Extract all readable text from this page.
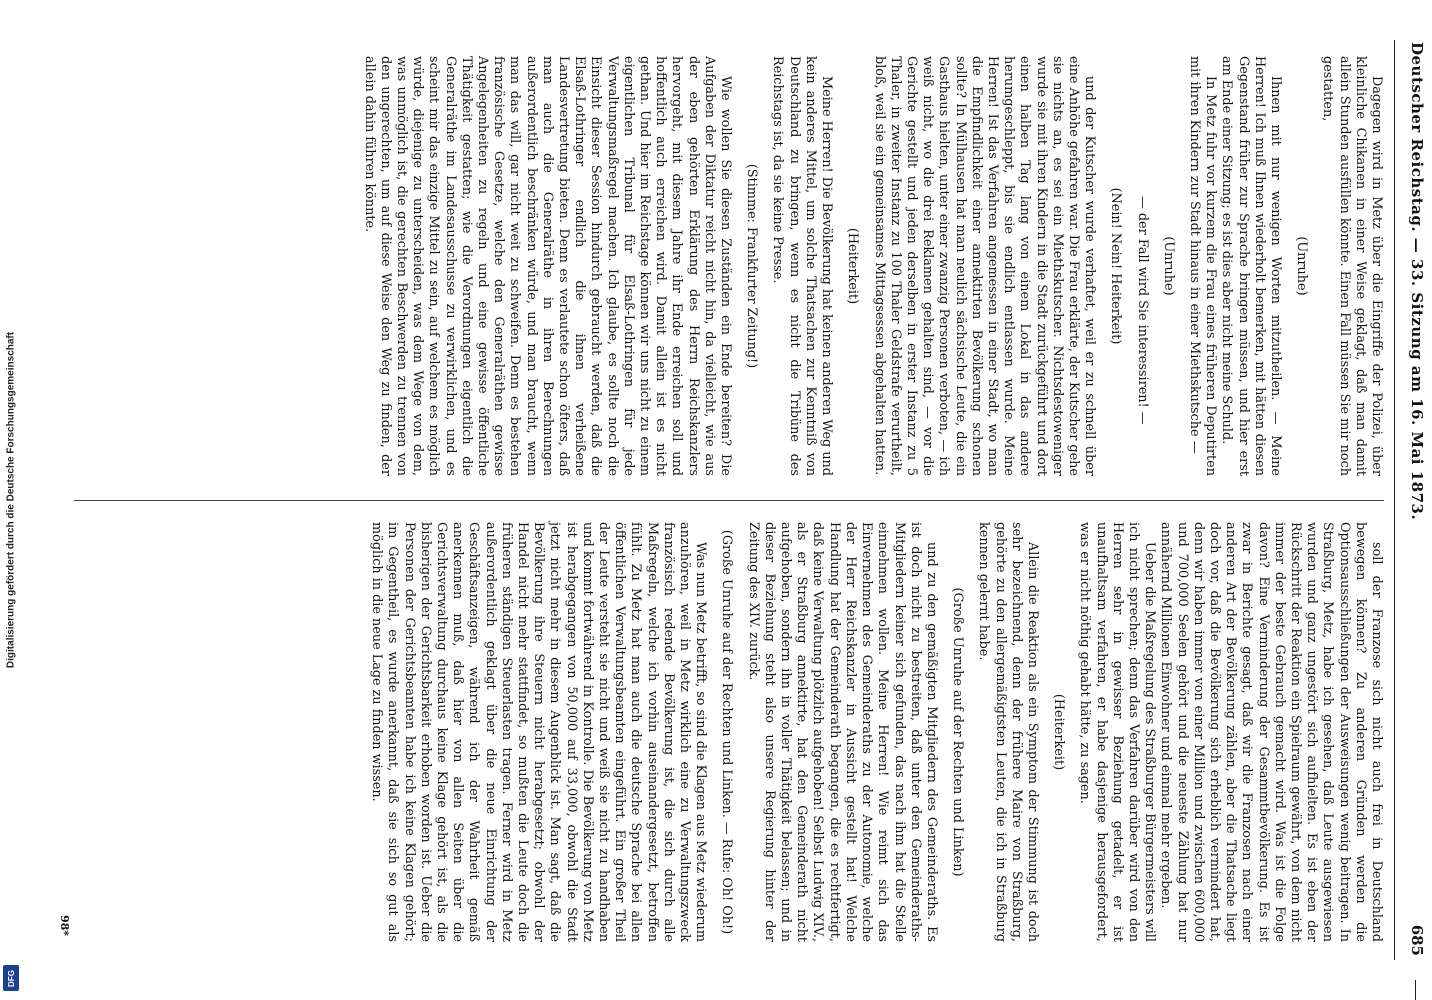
Digitalisierung gefördert durch die Deutsche Forschungsgemeinschaft
DFG
Deutscher Reichstag. — 33. Sitzung am 16. Mai 1873.
685

Dagegen wird in Metz über die Eingriffe der Polizei, über kleinliche Chikanen in einer Weise geklagt, daß man damit allein Stunden ausfüllen könnte. Einen Fall müssen Sie mir noch gestatten,

(Unruhe)

Ihnen mit nur wenigen Worten mitzutheilen. — Meine Herren! Ich muß Ihnen wiederholt bemerken, mit hätten diesen Gegenstand früher zur Sprache bringen müssen, und hier erst am Ende einer Sitzung; es ist dies aber nicht meine Schuld.

In Metz fuhr vor kurzem die Frau eines früheren Deputirten mit ihren Kindern zur Stadt hinaus in einer Miethskutsche —

(Unruhe)

— der Fall wird Sie interessiren! —

(Nein! Nein! Heiterkeit)

und der Kutscher wurde verhaftet, weil er zu schnell über eine Anhöhe gefahren war. Die Frau erklärte, der Kutscher gehe sie nichts an, es sei ein Miethskutscher. Nichtsdestoweniger wurde sie mit ihren Kindern in die Stadt zurückgeführt und dort einen halben Tag lang von einem Lokal in das andere herumgeschleppt, bis sie endlich entlassen wurde. Meine Herren! Ist das Verfahren angemessen in einer Stadt, wo man die Empfindlichkeit einer annektirten Bevölkerung schonen sollte? In Mülhausen hat man neulich sächsische Leute, die ein Gasthaus hielten, unter einer zwanzig Personen verboten, — ich weiß nicht, wo die drei Reklamen gehalten sind, — vor die Gerichte gestellt und jeden derselben in erster Instanz zu 5 Thaler, in zweiter Instanz zu 100 Thaler Geldstrafe verurtheilt, bloß, weil sie ein gemeinsames Mittagsessen abgehalten hatten.

(Heiterkeit)

Meine Herren! Die Bevölkerung hat keinen anderen Weg und kein anderes Mittel, um solche Thatsachen zur Kenntniß von Deutschland zu bringen, wenn es nicht die Tribüne des Reichstags ist, da sie keine Presse.

(Stimme: Frankfurter Zeitung!)

Wie wollen Sie diesen Zuständen ein Ende bereiten? Die Aufgaben der Diktatur reicht nicht hin, da vielleicht, wie aus der eben gehörten Erklärung des Herrn Reichskanzlers hervorgeht, mit diesem Jahre ihr Ende erreichen soll und hoffentlich auch erreichen wird. Damit allein ist es nicht gethan. Und hier im Reichstage können wir uns nicht zu einem eigentlichen Tribunal für Elsaß-Lothringen für jede Verwaltungsmaßregel machen. Ich glaube, es sollte noch die Einsicht dieser Session hindurch gebraucht werden, daß die Elsaß-Lothringer endlich die ihnen verheißene Landesvertretung bieten. Denn es verlautete schon öfters, daß man auch die Generalräthe in ihren Berechnungen außerordentlich beschränken würde, und man braucht, wenn man das will, gar nicht weit zu schweifen. Denn es bestehen französische Gesetze, welche den Generalräthen gewisse Angelegenheiten zu regeln und eine gewisse öffentliche Thätigkeit gestatten; wie die Verordnungen eigentlich die Generalräthe im Landesausschusse zu verwirklichen, und es scheint mir das einzige Mittel zu sein, auf welchem es möglich würde, diejenige zu unterscheiden, was dem Wege von dem, was unmöglich ist, die gerechten Beschwerden zu trennen von den ungerechten, um auf diese Weise den Weg zu finden, der allein dahin führen könnte.

soll der Franzose sich nicht auch frei in Deutschland bewegen können? Zu anderen Gründen werden die Optionsausschließungen der Ausweisungen wenig beitragen. In Straßburg, Metz, habe ich gesehen, daß Leute ausgewiesen wurden und ganz ungestört sich aufhielten. Es ist eben der Rückschritt der Reaktion ein Spielraum gewährt, von dem nicht immer der beste Gebrauch gemacht wird. Was ist die Folge davon? Eine Verminderung der Gesammtbevölkerung. Es ist zwar in Berichte gesagt, daß wir die Franzosen nach einer anderen Art der Bevölkerung zählen, aber die Thatsache liegt doch vor, daß die Bevölkerung sich erheblich vermindert hat, denn wir haben immer von einer Million und zwischen 600,000 und 700,000 Seelen gehört und die neueste Zählung hat nur annähernd Millionen Einwohner und einmal mehr ergeben.

Ueber die Maßregelung des Straßburger Bürgermeisters will ich nicht sprechen; denn das Verfahren darüber wird von den Herren sehr in gewisser Beziehung getadelt, er ist unaufhaltsam verfahren, er habe dasjenige herausgefordert, was er nicht nöthig gehabt hätte, zu sagen.

(Heiterkeit)

Allein die Reaktion als ein Symptom der Stimmung ist doch sehr bezeichnend, denn der frühere Maire von Straßburg, gehörte zu den allergemäßigtsten Leuten, die ich in Straßburg kennen gelernt habe.

(Große Unruhe auf der Rechten und Linken)

und zu den gemäßigten Mitgliedern des Gemeinderaths. Es ist doch nicht zu bestreiten, daß unter den Gemeinderaths-Mitgliedern keiner sich gefunden, das nach ihm hat die Stelle einnehmen wollen. Meine Herren! Wie reimt sich das Einvernehmen des Gemeinderaths zu der Autonomie, welche der Herr Reichskanzler in Aussicht gestellt hat! Welche Handlung hat der Gemeinderath begangen, die es rechtfertigt, daß keine Verwaltung plötzlich aufgehoben! Selbst Ludwig XIV., als er Straßburg annektirte, hat den Gemeinderath nicht aufgehoben, sondern ihn in voller Thätigkeit belassen; und in dieser Beziehung steht also unsere Regierung hinter der Zeitung des XIV. zurück.

(Große Unruhe auf der Rechten und Linken. — Rufe: Oh! Oh!)

Was nun Metz betrifft, so sind die Klagen aus Metz wiederum anzuhören, weil in Metz wirklich eine zu Verwaltungszweck französisch redende Bevölkerung ist, die sich durch alle Maßregeln, welche ich vorhin auseinandergesetzt, betroffen fühlt. Zu Metz hat man auch die deutsche Sprache bei allen öffentlichen Verwaltungsbeamten eingeführt. Ein großer Theil der Leute versteht sie nicht und weiß sie nicht zu handhaben und kommt fortwährend in Kontrolle. Die Bevölkerung von Metz ist herabgegangen von 50,000 auf 33,000, obwohl die Stadt jetzt nicht mehr in diesem Augenblick ist. Man sagt, daß die Bevölkerung ihre Steuern nicht herabgesetzt; obwohl der Handel nicht mehr stattfindet, so mußten die Leute doch die früheren ständigen Steuerlasten tragen. Ferner wird in Metz außerordentlich geklagt über die neue Einrichtung der Geschäftsanzeigen, während ich der Wahrheit gemäß anerkennen muß, daß hier von allen Seiten über die Gerichtsverwaltung durchaus keine Klage gehört ist, als die bisherigen der Gerichtsbarkeit erhoben worden ist. Ueber die Personen der Gerichtsbeamten habe ich keine Klagen gehört; im Gegentheil, es wurde anerkannt, daß sie sich so gut als möglich in die neue Lage zu finden wissen.

98*
